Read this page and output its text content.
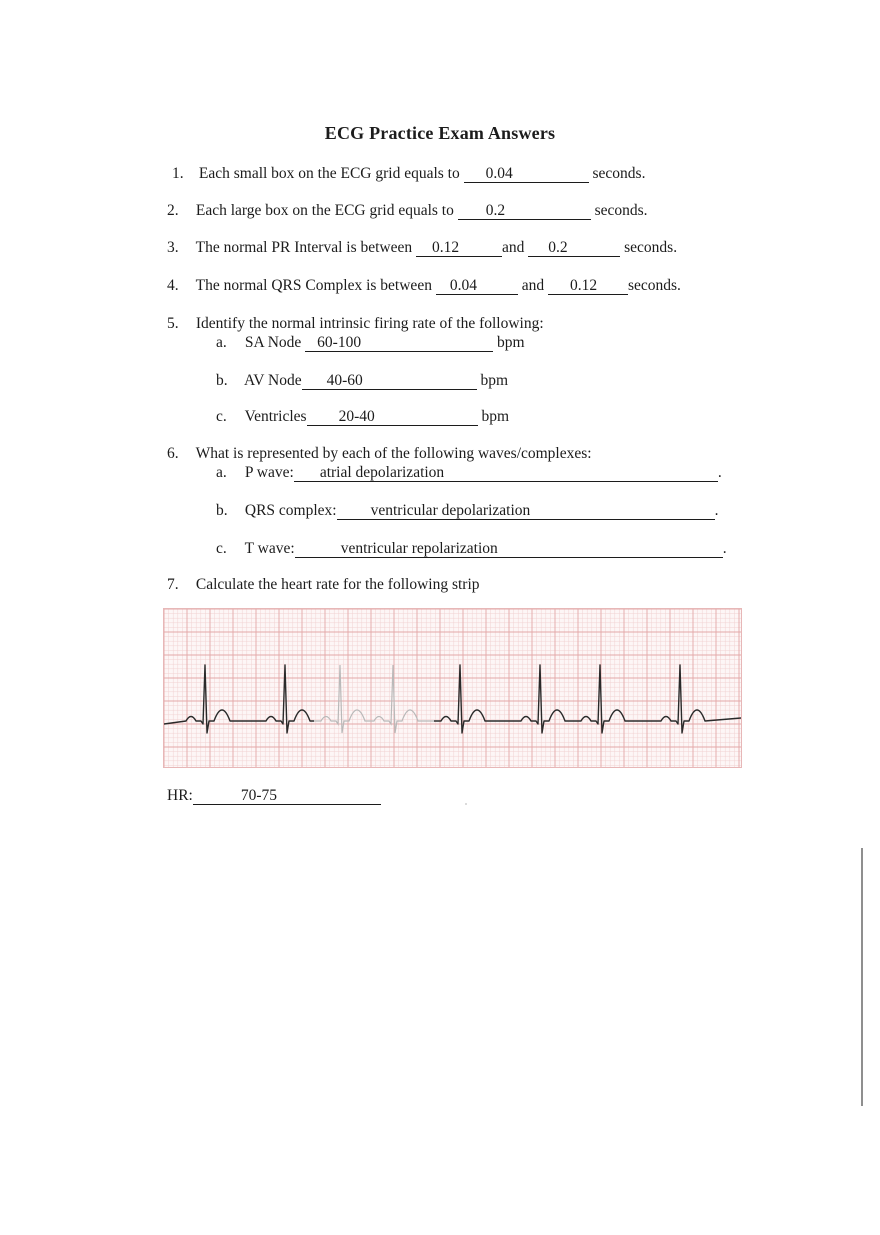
ECG Practice Exam Answers
1. Each small box on the ECG grid equals to 0.04	seconds.
2. Each large box on the ECG grid equals to 0.2	seconds.
3. The normal PR Interval is between 0.12	and 0.2	seconds.
4. The normal QRS Complex is between 0.04	and 0.12 seconds.
5. Identify the normal intrinsic firing rate of the following:
a. SA Node 60-100	bpm
b. AV Node 40-60	bpm
c. Ventricles 20-40	bpm
6. What is represented by each of the following waves/complexes:
a. P wave: atrial depolarization	.
b. QRS complex: ventricular depolarization	.
c. T wave:	ventricular repolarization	.
7. Calculate the heart rate for the following strip
HR:	70-75
